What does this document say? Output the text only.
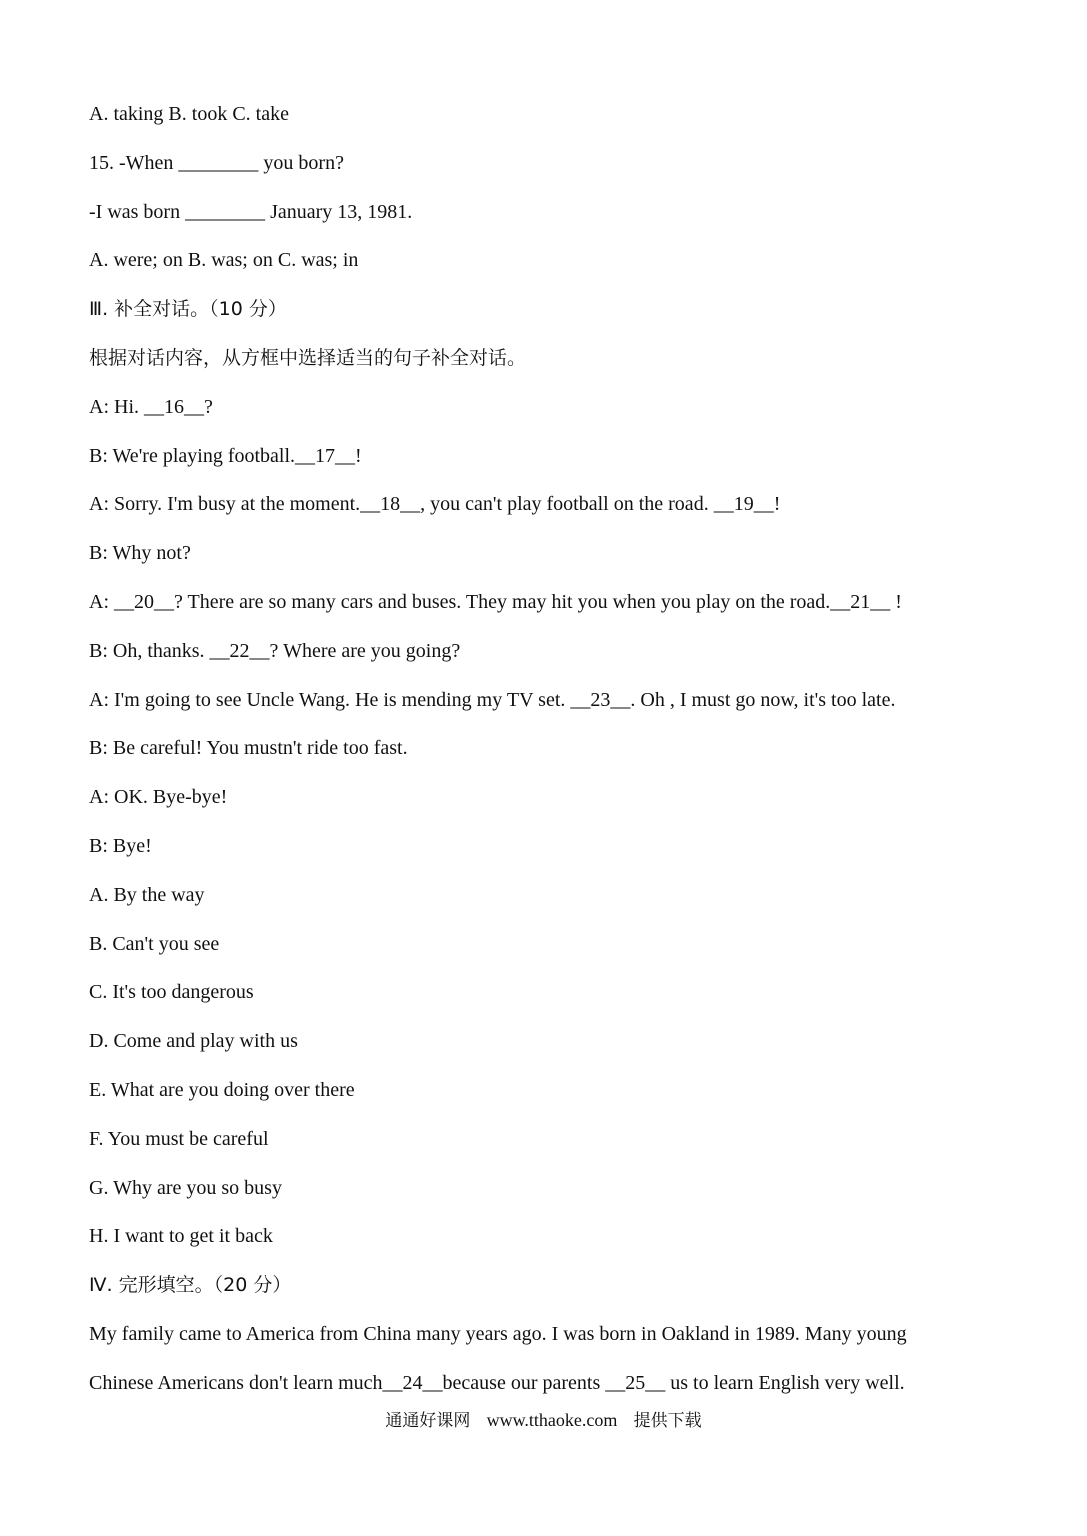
A. taking B. took C. take
15. -When ________ you born?
-I was born ________ January 13, 1981.
A. were; on B. was; on C. was; in
Ⅲ. 补全对话。（10 分）
根据对话内容，从方框中选择适当的句子补全对话。
A: Hi. __16__?
B: We're playing football.__17__!
A: Sorry. I'm busy at the moment.__18__, you can't play football on the road. __19__!
B: Why not?
A: __20__? There are so many cars and buses. They may hit you when you play on the road.__21__ !
B: Oh, thanks. __22__? Where are you going?
A: I'm going to see Uncle Wang. He is mending my TV set. __23__. Oh , I must go now, it's too late.
B: Be careful! You mustn't ride too fast.
A: OK. Bye-bye!
B: Bye!
A. By the way
B. Can't you see
C. It's too dangerous
D. Come and play with us
E. What are you doing over there
F. You must be careful
G. Why are you so busy
H. I want to get it back
Ⅳ. 完形填空。（20 分）
My family came to America from China many years ago. I was born in Oakland in 1989. Many young
Chinese Americans don't learn much__24__because our parents __25__ us to learn English very well.
通通好课网 www.tthaoke.com 提供下载
